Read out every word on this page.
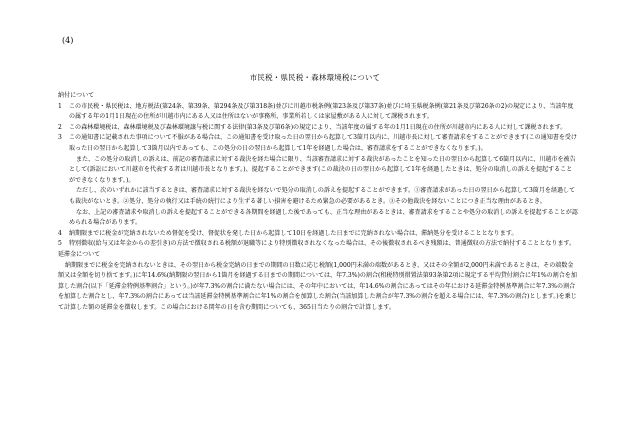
(4)
市民税・県民税・森林環境税について

納付について

1 この市民税・県民税は、地方税法(第24条、第39条、第294条及び第318条)並びに川越市税条例(第23条及び第37条)並びに埼玉県税条例(第21条及び第26条の2)の規定により、当該年度の属する年の1月1日現在の住所が川越市内にある人又は住所はないが事務所、事業所若しくは家屋敷がある人に対して課税されます。

2 この森林環境税は、森林環境税及び森林環境譲与税に関する法律(第3条及び第6条)の規定により、当該年度の属する年の1月1日現在の住所が川越市内にある人に対して課税されます。

3 この通知書に記載された事項について不服がある場合は、この通知書を受け取った日の翌日から起算して3箇月以内に、川越市長に対して審査請求をすることができます(この通知書を受け取った日の翌日から起算して3箇月以内であっても、この処分の日の翌日から起算して1年を経過した場合は、審査請求をすることができなくなります。)。

また、この処分の取消しの訴えは、前記の審査請求に対する裁決を経た場合に限り、当該審査請求に対する裁決があったことを知った日の翌日から起算して6箇月以内に、川越市を被告として(訴訟において川越市を代表する者は川越市長となります。)、提起することができます(この裁決の日の翌日から起算して1年を経過したときは、処分の取消しの訴えを提起することができなくなります。)。

ただし、次のいずれかに該当するときは、審査請求に対する裁決を経ないで処分の取消しの訴えを提起することができます。①審査請求があった日の翌日から起算して3箇月を経過しても裁決がないとき。②処分、処分の執行又は手続の続行により生ずる著しい損害を避けるため緊急の必要があるとき。③その他裁決を経ないことにつき正当な理由があるとき。

なお、上記の審査請求や取消しの訴えを提起することができる各期間を経過した後であっても、正当な理由があるときは、審査請求をすることや処分の取消しの訴えを提起することが認められる場合があります。

4 納期限までに税金が完納されないため督促を受け、督促状を発した日から起算して10日を経過した日までに完納されない場合は、滞納処分を受けることとなります。

5 特別徴収(給与又は年金からの差引き)の方法で徴収される税額が退職等により特別徴収されなくなった場合は、その後徴収されるべき残額は、普通徴収の方法で納付することとなります。

延滞金について

納期限までに税金を完納されないときは、その翌日から税金完納の日までの期間の日数に応じ税額(1,000円未満の端数があるとき、又はその全額が2,000円未満であるときは、その端数金額又は全額を切り捨てます。)に年14.6%(納期限の翌日から1箇月を経過する日までの期間については、年7.3%)の割合(租税特別措置法第93条第2項に規定する平均貸付割合に年1%の割合を加算した割合(以下「延滞金特例基準割合」という。)が年7.3%の割合に満たない場合には、その年中においては、年14.6%の割合にあってはその年における延滞金特例基準割合に年7.3%の割合を加算した割合とし、年7.3%の割合にあっては当該延滞金特例基準割合に年1%の割合を加算した割合(当該加算した割合が年7.3%の割合を超える場合には、年7.3%の割合)とします。)を乗じて計算した額の延滞金を徴収します。この場合における閏年の日を含む期間についても、365日当たりの割合で計算します。
